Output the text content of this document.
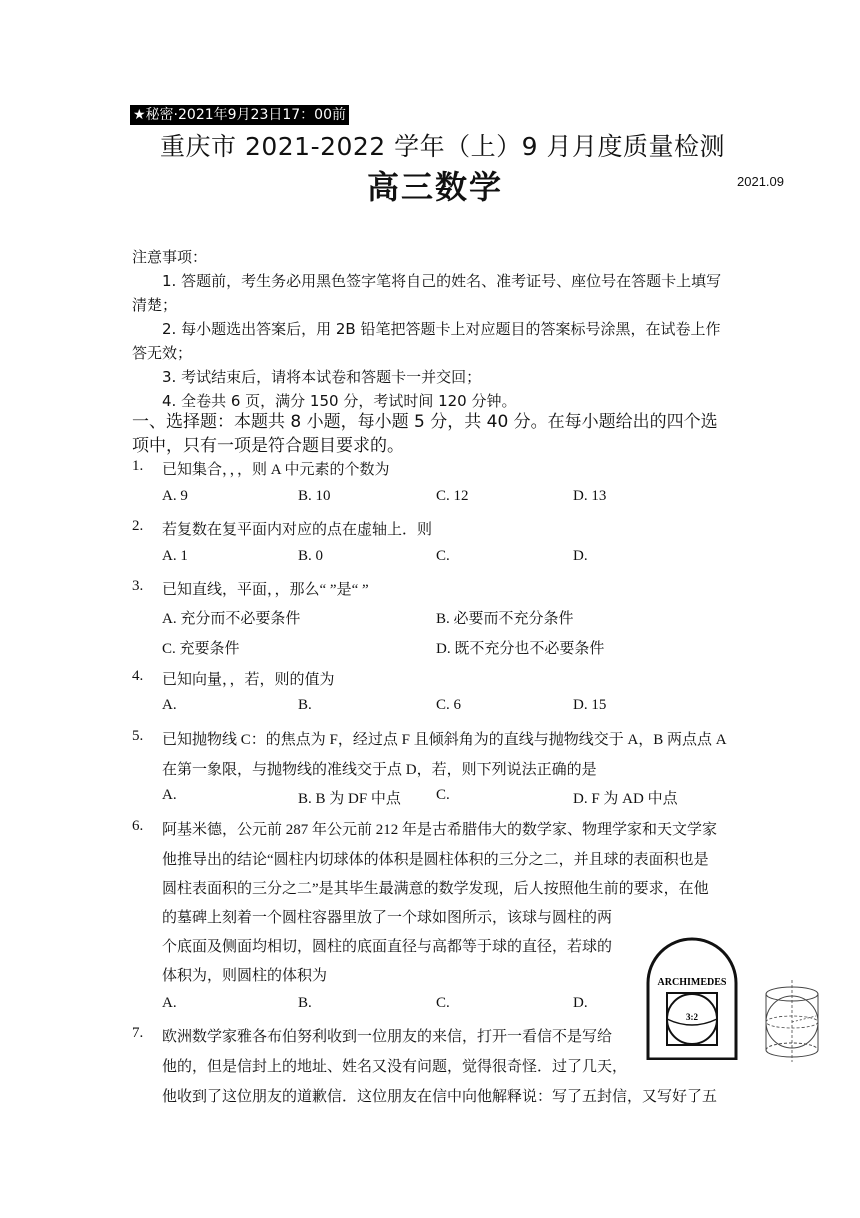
★秘密·2021年9月23日17：00前
重庆市 2021-2022 学年（上）9 月月度质量检测
高三数学	2021.09

注意事项：

1. 答题前，考生务必用黑色签字笔将自己的姓名、准考证号、座位号在答题卡上填写清楚；

2. 每小题选出答案后，用 2B 铅笔把答题卡上对应题目的答案标号涂黑，在试卷上作答无效；

3. 考试结束后，请将本试卷和答题卡一并交回；

4. 全卷共 6 页，满分 150 分，考试时间 120 分钟。

一、选择题：本题共 8 小题，每小题 5 分，共 40 分。在每小题给出的四个选项中，只有一项是符合题目要求的。
1. 已知集合，，，则 A 中元素的个数为
A. 9	B. 10	C. 12	D. 13
2. 若复数在复平面内对应的点在虚轴上．则
A. 1	B. 0	C.	D.
3. 已知直线，平面，，那么“ ”是“ ”
A. 充分而不必要条件	B. 必要而不充分条件
C. 充要条件	D. 既不充分也不必要条件
4. 已知向量，，若，则的值为
A.	B.	C. 6	D. 15
5. 已知抛物线 C：的焦点为 F，经过点 F 且倾斜角为的直线与抛物线交于 A，B 两点点 A
在第一象限，与抛物线的准线交于点 D，若，则下列说法正确的是
A.	B. B 为 DF 中点 C.	D. F 为 AD 中点
6. 阿基米德，公元前 287 年公元前 212 年是古希腊伟大的数学家、物理学家和天文学家
他推导出的结论“圆柱内切球体的体积是圆柱体积的三分之二，并且球的表面积也是
圆柱表面积的三分之二”是其毕生最满意的数学发现，后人按照他生前的要求，在他
的墓碑上刻着一个圆柱容器里放了一个球如图所示，该球与圆柱的两
个底面及侧面均相切，圆柱的底面直径与高都等于球的直径，若球的
体积为，则圆柱的体积为
A.	B.	C.	D.
7. 欧洲数学家雅各布伯努利收到一位朋友的来信，打开一看信不是写给
他的，但是信封上的地址、姓名又没有问题，觉得很奇怪．过了几天，
他收到了这位朋友的道歉信．这位朋友在信中向他解释说：写了五封信，又写好了五
ARCHIMEDES
3:2
